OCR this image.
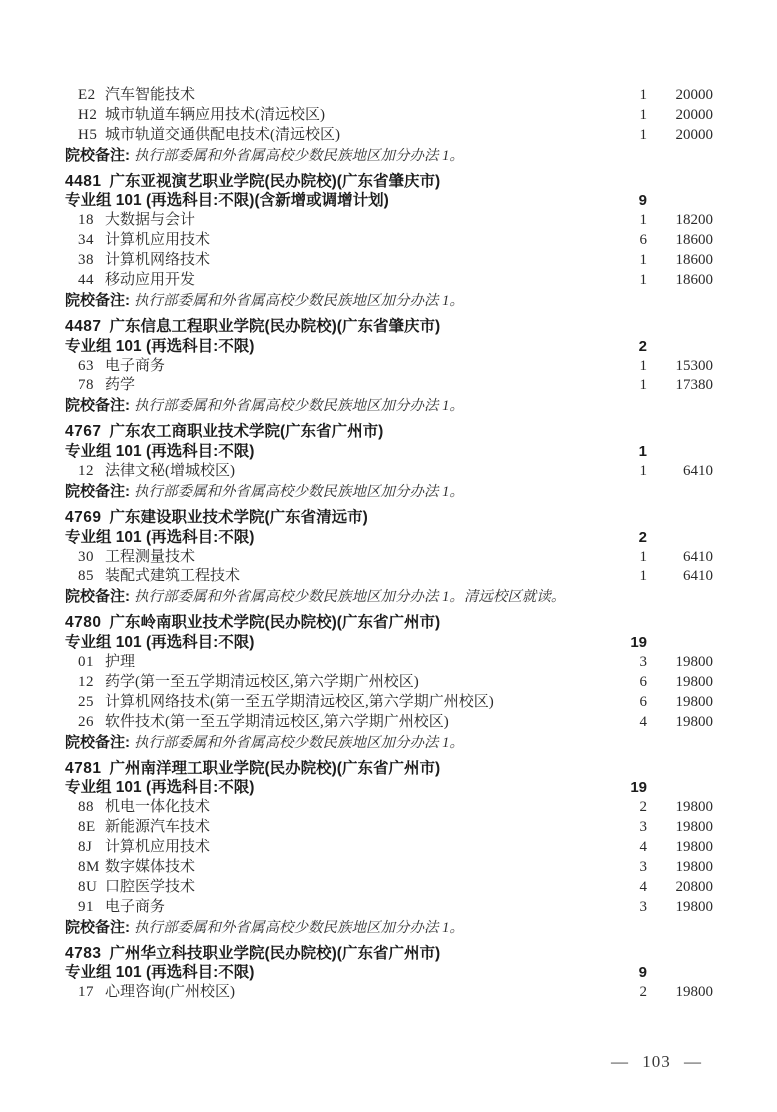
E2 汽车智能技术	1	20000
H2 城市轨道车辆应用技术(清远校区)	1	20000
H5 城市轨道交通供配电技术(清远校区)	1	20000
院校备注: 执行部委属和外省属高校少数民族地区加分办法 1。
4481 广东亚视演艺职业学院(民办院校)(广东省肇庆市)
专业组 101 (再选科目:不限)(含新增或调增计划)	9
18 大数据与会计	1	18200
34 计算机应用技术	6	18600
38 计算机网络技术	1	18600
44 移动应用开发	1	18600
院校备注: 执行部委属和外省属高校少数民族地区加分办法 1。
4487 广东信息工程职业学院(民办院校)(广东省肇庆市)
专业组 101 (再选科目:不限)	2
63 电子商务	1	15300
78 药学	1	17380
院校备注: 执行部委属和外省属高校少数民族地区加分办法 1。
4767 广东农工商职业技术学院(广东省广州市)
专业组 101 (再选科目:不限)	1
12 法律文秘(增城校区)	1	6410
院校备注: 执行部委属和外省属高校少数民族地区加分办法 1。
4769 广东建设职业技术学院(广东省清远市)
专业组 101 (再选科目:不限)	2
30 工程测量技术	1	6410
85 装配式建筑工程技术	1	6410
院校备注: 执行部委属和外省属高校少数民族地区加分办法 1。清远校区就读。
4780 广东岭南职业技术学院(民办院校)(广东省广州市)
专业组 101 (再选科目:不限)	19
01 护理	3	19800
12 药学(第一至五学期清远校区,第六学期广州校区)	6	19800
25 计算机网络技术(第一至五学期清远校区,第六学期广州校区)	6	19800
26 软件技术(第一至五学期清远校区,第六学期广州校区)	4	19800
院校备注: 执行部委属和外省属高校少数民族地区加分办法 1。
4781 广州南洋理工职业学院(民办院校)(广东省广州市)
专业组 101 (再选科目:不限)	19
88 机电一体化技术	2	19800
8E 新能源汽车技术	3	19800
8J 计算机应用技术	4	19800
8M 数字媒体技术	3	19800
8U 口腔医学技术	4	20800
91 电子商务	3	19800
院校备注: 执行部委属和外省属高校少数民族地区加分办法 1。
4783 广州华立科技职业学院(民办院校)(广东省广州市)
专业组 101 (再选科目:不限)	9
17 心理咨询(广州校区)	2	19800
— 103 —
